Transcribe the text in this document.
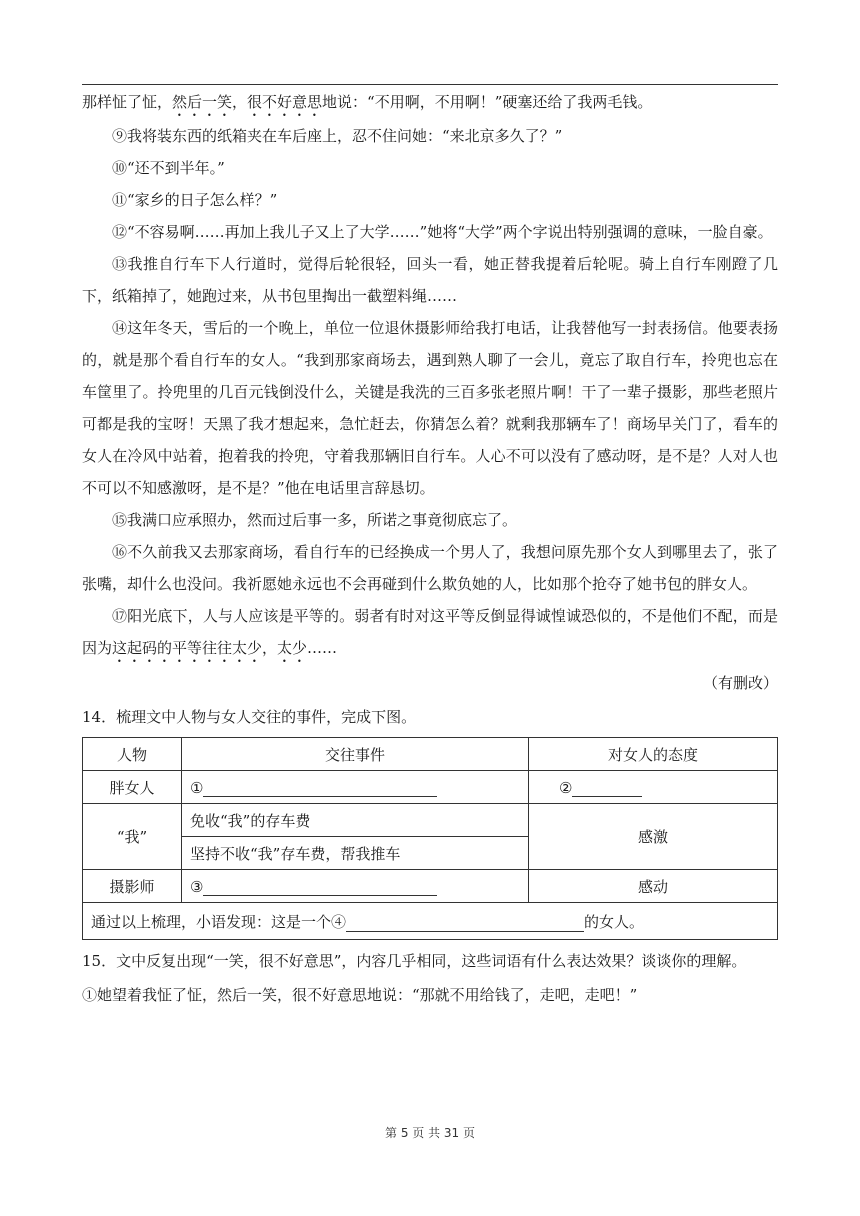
那样怔了怔，然后一笑，很不好意思地说：“不用啊，不用啊！”硬塞还给了我两毛钱。

⑨我将装东西的纸箱夹在车后座上，忍不住问她：“来北京多久了？”

⑩“还不到半年。”

⑪“家乡的日子怎么样？”

⑫“不容易啊……再加上我儿子又上了大学……”她将“大学”两个字说出特别强调的意味，一脸自豪。

⑬我推自行车下人行道时，觉得后轮很轻，回头一看，她正替我提着后轮呢。骑上自行车刚蹬了几下，纸箱掉了，她跑过来，从书包里掏出一截塑料绳……

⑭这年冬天，雪后的一个晚上，单位一位退休摄影师给我打电话，让我替他写一封表扬信。他要表扬的，就是那个看自行车的女人。“我到那家商场去，遇到熟人聊了一会儿，竟忘了取自行车，拎兜也忘在车筐里了。拎兜里的几百元钱倒没什么，关键是我洗的三百多张老照片啊！干了一辈子摄影，那些老照片可都是我的宝呀！天黑了我才想起来，急忙赶去，你猜怎么着？就剩我那辆车了！商场早关门了，看车的女人在冷风中站着，抱着我的拎兜，守着我那辆旧自行车。人心不可以没有了感动呀，是不是？人对人也不可以不知感激呀，是不是？”他在电话里言辞恳切。

⑮我满口应承照办，然而过后事一多，所诺之事竟彻底忘了。

⑯不久前我又去那家商场，看自行车的已经换成一个男人了，我想问原先那个女人到哪里去了，张了张嘴，却什么也没问。我祈愿她永远也不会再碰到什么欺负她的人，比如那个抢夺了她书包的胖女人。

⑰阳光底下，人与人应该是平等的。弱者有时对这平等反倒显得诚惶诚恐似的，不是他们不配，而是因为这起码的平等往往太少，太少……

（有删改）

14．梳理文中人物与女人交往的事件，完成下图。

人物	交往事件	对女人的态度
胖女人	①	②
“我”	免收“我”的存车费	感激
	坚持不收“我”存车费，帮我推车	
摄影师	③	感动
通过以上梳理，小语发现：这是一个④ 的女人。		

15．文中反复出现“一笑，很不好意思”，内容几乎相同，这些词语有什么表达效果？谈谈你的理解。

①她望着我怔了怔，然后一笑，很不好意思地说：“那就不用给钱了，走吧，走吧！”

第 5 页 共 31 页
